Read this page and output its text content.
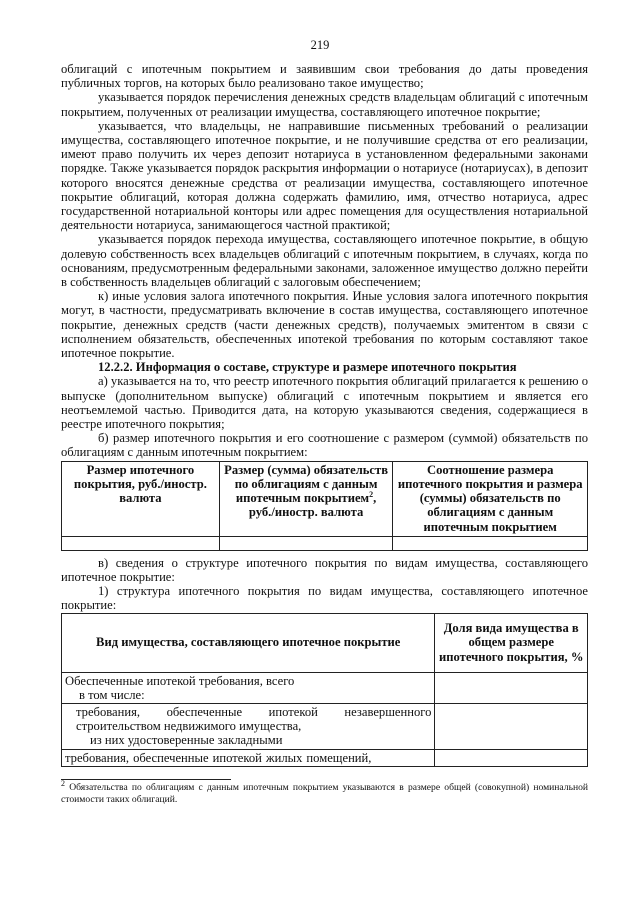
219

облигаций с ипотечным покрытием и заявившим свои требования до даты проведения публичных торгов, на которых было реализовано такое имущество;

указывается порядок перечисления денежных средств владельцам облигаций с ипотечным покрытием, полученных от реализации имущества, составляющего ипотечное покрытие;

указывается, что владельцы, не направившие письменных требований о реализации имущества, составляющего ипотечное покрытие, и не получившие средства от его реализации, имеют право получить их через депозит нотариуса в установленном федеральными законами порядке. Также указывается порядок раскрытия информации о нотариусе (нотариусах), в депозит которого вносятся денежные средства от реализации имущества, составляющего ипотечное покрытие облигаций, которая должна содержать фамилию, имя, отчество нотариуса, адрес государственной нотариальной конторы или адрес помещения для осуществления нотариальной деятельности нотариуса, занимающегося частной практикой;

указывается порядок перехода имущества, составляющего ипотечное покрытие, в общую долевую собственность всех владельцев облигаций с ипотечным покрытием, в случаях, когда по основаниям, предусмотренным федеральными законами, заложенное имущество должно перейти в собственность владельцев облигаций с залоговым обеспечением;

к) иные условия залога ипотечного покрытия. Иные условия залога ипотечного покрытия могут, в частности, предусматривать включение в состав имущества, составляющего ипотечное покрытие, денежных средств (части денежных средств), получаемых эмитентом в связи с исполнением обязательств, обеспеченных ипотекой требования по которым составляют такое ипотечное покрытие.

12.2.2. Информация о составе, структуре и размере ипотечного покрытия

а) указывается на то, что реестр ипотечного покрытия облигаций прилагается к решению о выпуске (дополнительном выпуске) облигаций с ипотечным покрытием и является его неотъемлемой частью. Приводится дата, на которую указываются сведения, содержащиеся в реестре ипотечного покрытия;

б) размер ипотечного покрытия и его соотношение с размером (суммой) обязательств по облигациям с данным ипотечным покрытием:

Размер ипотечного покрытия, руб./иностр. валюта	Размер (сумма) обязательств по облигациям с данным ипотечным покрытием$^2$, руб./иностр. валюта	Соотношение размера ипотечного покрытия и размера (суммы) обязательств по облигациям с данным ипотечным покрытием

в) сведения о структуре ипотечного покрытия по видам имущества, составляющего ипотечное покрытие:

1) структура ипотечного покрытия по видам имущества, составляющего ипотечное покрытие:

Вид имущества, составляющего ипотечное покрытие	Доля вида имущества в общем размере ипотечного покрытия, %

Обеспеченные ипотекой требования, всего
в том числе:	

требования, обеспеченные ипотекой незавершенного строительством недвижимого имущества,
из них удостоверенные закладными	

требования, обеспеченные ипотекой жилых помещений,	

$^2$ Обязательства по облигациям с данным ипотечным покрытием указываются в размере общей (совокупной) номинальной стоимости таких облигаций.
